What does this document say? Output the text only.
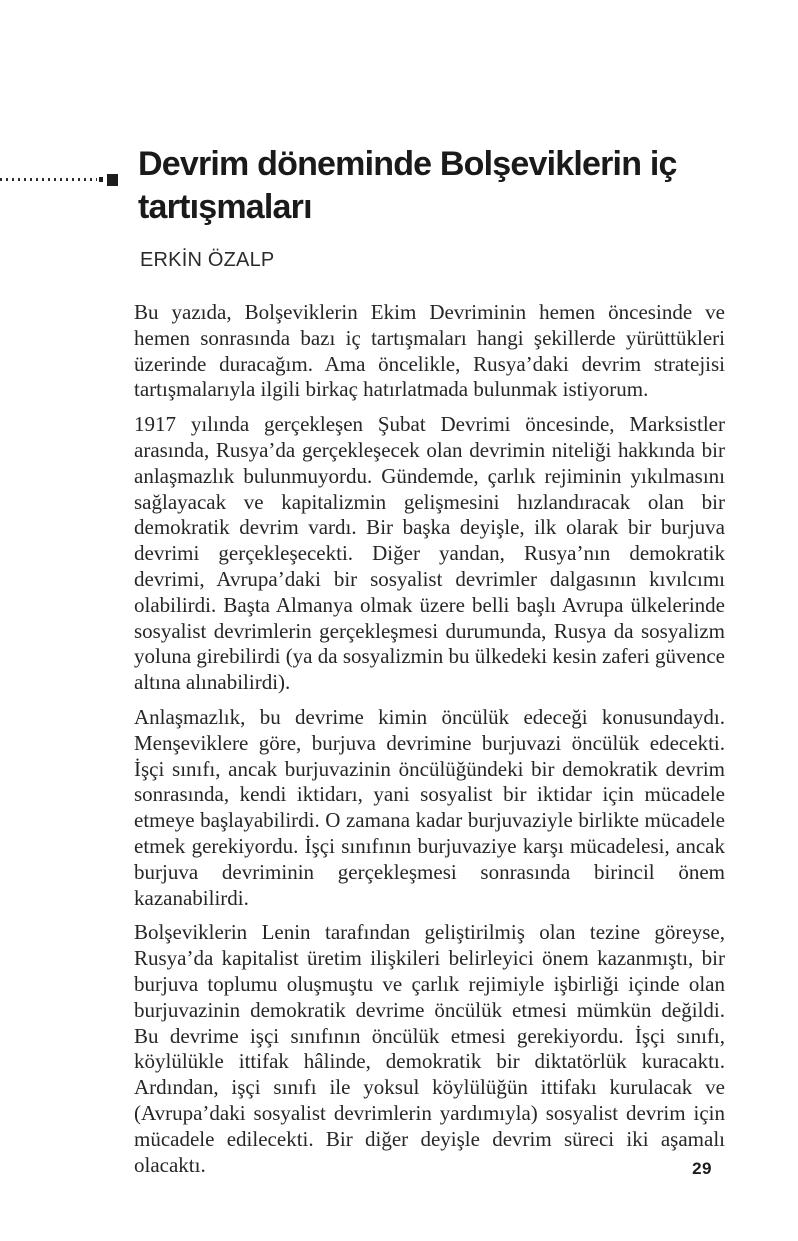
Devrim döneminde Bolşeviklerin iç tartışmaları
ERKİN ÖZALP

Bu yazıda, Bolşeviklerin Ekim Devriminin hemen öncesinde ve hemen sonrasında bazı iç tartışmaları hangi şekillerde yürüttükleri üzerinde duracağım. Ama öncelikle, Rusya’daki devrim stratejisi tartışmalarıyla ilgili birkaç hatırlatmada bulunmak istiyorum.

1917 yılında gerçekleşen Şubat Devrimi öncesinde, Marksistler arasında, Rusya’da gerçekleşecek olan devrimin niteliği hakkında bir anlaşmazlık bulunmuyordu. Gündemde, çarlık rejiminin yıkılmasını sağlayacak ve kapitalizmin gelişmesini hızlandıracak olan bir demokratik devrim vardı. Bir başka deyişle, ilk olarak bir burjuva devrimi gerçekleşecekti. Diğer yandan, Rusya’nın demokratik devrimi, Avrupa’daki bir sosyalist devrimler dalgasının kıvılcımı olabilirdi. Başta Almanya olmak üzere belli başlı Avrupa ülkelerinde sosyalist devrimlerin gerçekleşmesi durumunda, Rusya da sosyalizm yoluna girebilirdi (ya da sosyalizmin bu ülkedeki kesin zaferi güvence altına alınabilirdi).

Anlaşmazlık, bu devrime kimin öncülük edeceği konusundaydı. Menşeviklere göre, burjuva devrimine burjuvazi öncülük edecekti. İşçi sınıfı, ancak burjuvazinin öncülüğündeki bir demokratik devrim sonrasında, kendi iktidarı, yani sosyalist bir iktidar için mücadele etmeye başlayabilirdi. O zamana kadar burjuvaziyle birlikte mücadele etmek gerekiyordu. İşçi sınıfının burjuvaziye karşı mücadelesi, ancak burjuva devriminin gerçekleşmesi sonrasında birincil önem kazanabilirdi.

Bolşeviklerin Lenin tarafından geliştirilmiş olan tezine göreyse, Rusya’da kapitalist üretim ilişkileri belirleyici önem kazanmıştı, bir burjuva toplumu oluşmuştu ve çarlık rejimiyle işbirliği içinde olan burjuvazinin demokratik devrime öncülük etmesi mümkün değildi. Bu devrime işçi sınıfının öncülük etmesi gerekiyordu. İşçi sınıfı, köylülükle ittifak hâlinde, demokratik bir diktatörlük kuracaktı. Ardından, işçi sınıfı ile yoksul köylülüğün ittifakı kurulacak ve (Avrupa’daki sosyalist devrimlerin yardımıyla) sosyalist devrim için mücadele edilecekti. Bir diğer deyişle devrim süreci iki aşamalı olacaktı.	29
